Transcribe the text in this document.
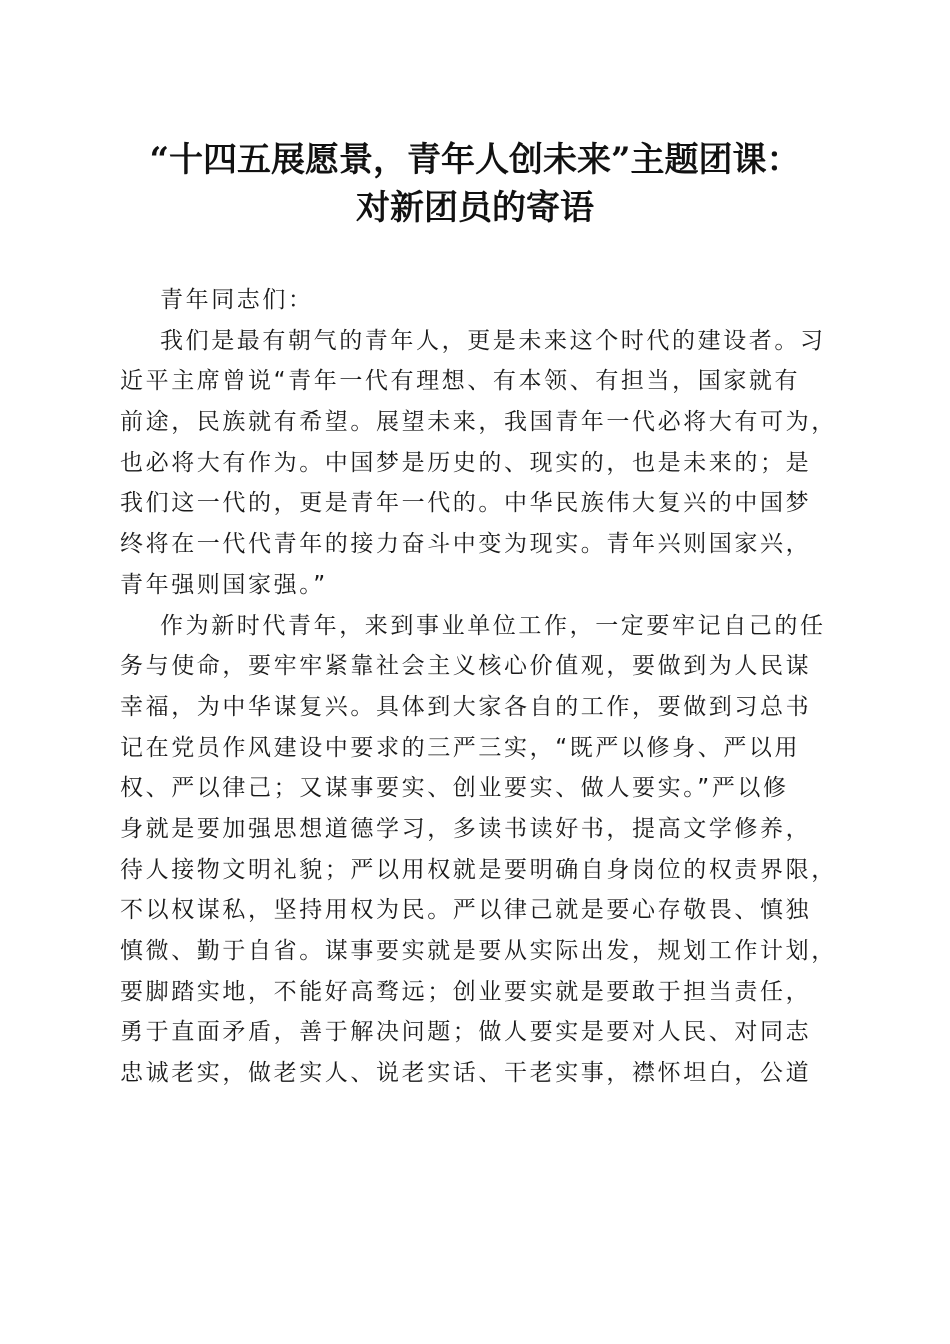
“十四五展愿景，青年人创未来”主题团课：
对新团员的寄语
青年同志们：
我们是最有朝气的青年人，更是未来这个时代的建设者。习
近平主席曾说“青年一代有理想、有本领、有担当，国家就有
前途，民族就有希望。展望未来，我国青年一代必将大有可为，
也必将大有作为。中国梦是历史的、现实的，也是未来的；是
我们这一代的，更是青年一代的。中华民族伟大复兴的中国梦
终将在一代代青年的接力奋斗中变为现实。青年兴则国家兴，
青年强则国家强。”
作为新时代青年，来到事业单位工作，一定要牢记自己的任
务与使命，要牢牢紧靠社会主义核心价值观，要做到为人民谋
幸福，为中华谋复兴。具体到大家各自的工作，要做到习总书
记在党员作风建设中要求的三严三实，“既严以修身、严以用
权、严以律己；又谋事要实、创业要实、做人要实。”严以修
身就是要加强思想道德学习，多读书读好书，提高文学修养，
待人接物文明礼貌；严以用权就是要明确自身岗位的权责界限，
不以权谋私，坚持用权为民。严以律己就是要心存敬畏、慎独
慎微、勤于自省。谋事要实就是要从实际出发，规划工作计划，
要脚踏实地，不能好高骛远；创业要实就是要敢于担当责任，
勇于直面矛盾，善于解决问题；做人要实是要对人民、对同志
忠诚老实，做老实人、说老实话、干老实事，襟怀坦白，公道
